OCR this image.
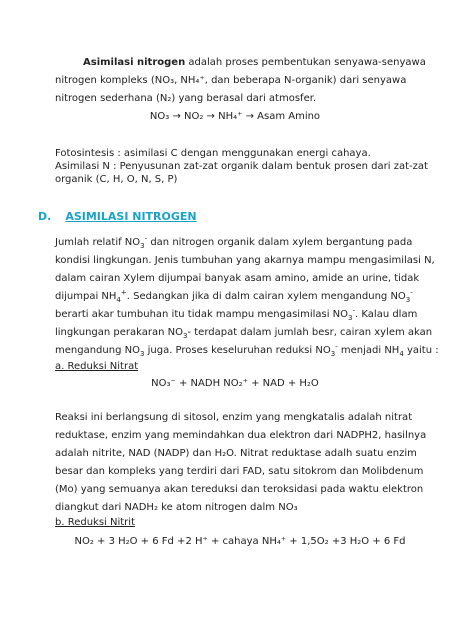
Asimilasi nitrogen adalah proses pembentukan senyawa-senyawa
nitrogen kompleks (NO₃, NH₄⁺, dan beberapa N-organik) dari senyawa
nitrogen sederhana (N₂) yang berasal dari atmosfer.
NO₃ → NO₂ → NH₄⁺ → Asam Amino
Fotosintesis : asimilasi C dengan menggunakan energi cahaya.
Asimilasi N : Penyusunan zat-zat organik dalam bentuk prosen dari zat-zat
organik (C, H, O, N, S, P)
D. ASIMILASI NITROGEN
Jumlah relatif $NO_3^-$ dan nitrogen organik dalam xylem bergantung pada
kondisi lingkungan. Jenis tumbuhan yang akarnya mampu mengasimilasi N,
dalam cairan Xylem dijumpai banyak asam amino, amide an urine, tidak
dijumpai $NH_4^+$. Sedangkan jika di dalm cairan xylem mengandung $NO_3^-$
berarti akar tumbuhan itu tidak mampu mengasimilasi $NO_3^-$. Kalau dlam
lingkungan perakaran $NO_3-$ terdapat dalam jumlah besr, cairan xylem akan
mengandung $NO_3$ juga. Proses keseluruhan reduksi $NO_3^-$ menjadi $NH_4$ yaitu :
a. Reduksi Nitrat
NO₃⁻ + NADH NO₂⁺ + NAD + H₂O
Reaksi ini berlangsung di sitosol, enzim yang mengkatalis adalah nitrat
reduktase, enzim yang memindahkan dua elektron dari NADPH2, hasilnya
adalah nitrite, NAD (NADP) dan H₂O. Nitrat reduktase adalh suatu enzim
besar dan kompleks yang terdiri dari FAD, satu sitokrom dan Molibdenum
(Mo) yang semuanya akan tereduksi dan teroksidasi pada waktu elektron
diangkut dari NADH₂ ke atom nitrogen dalm NO₃
b. Reduksi Nitrit
NO₂ + 3 H₂O + 6 Fd +2 H⁺ + cahaya NH₄⁺ + 1,5O₂ +3 H₂O + 6 Fd
